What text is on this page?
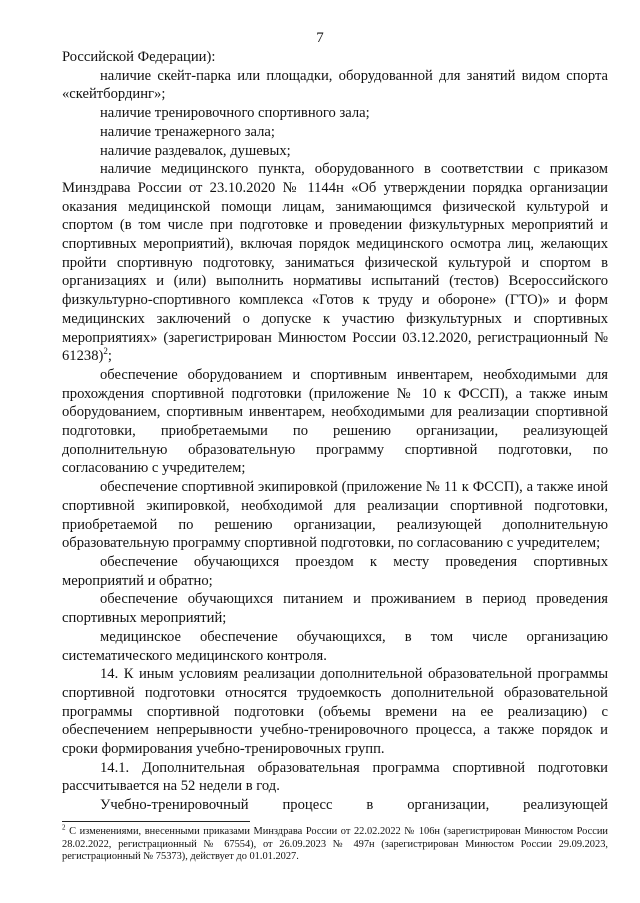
7

Российской Федерации):

наличие скейт-парка или площадки, оборудованной для занятий видом спорта «скейтбординг»;

наличие тренировочного спортивного зала;

наличие тренажерного зала;

наличие раздевалок, душевых;

наличие медицинского пункта, оборудованного в соответствии с приказом Минздрава России от 23.10.2020 № 1144н «Об утверждении порядка организации оказания медицинской помощи лицам, занимающимся физической культурой и спортом (в том числе при подготовке и проведении физкультурных мероприятий и спортивных мероприятий), включая порядок медицинского осмотра лиц, желающих пройти спортивную подготовку, заниматься физической культурой и спортом в организациях и (или) выполнить нормативы испытаний (тестов) Всероссийского физкультурно-спортивного комплекса «Готов к труду и обороне» (ГТО)» и форм медицинских заключений о допуске к участию физкультурных и спортивных мероприятиях» (зарегистрирован Минюстом России 03.12.2020, регистрационный № 61238)$^2$;

обеспечение оборудованием и спортивным инвентарем, необходимыми для прохождения спортивной подготовки (приложение № 10 к ФССП), а также иным оборудованием, спортивным инвентарем, необходимыми для реализации спортивной подготовки, приобретаемыми по решению организации, реализующей дополнительную образовательную программу спортивной подготовки, по согласованию с учредителем;

обеспечение спортивной экипировкой (приложение № 11 к ФССП), а также иной спортивной экипировкой, необходимой для реализации спортивной подготовки, приобретаемой по решению организации, реализующей дополнительную образовательную программу спортивной подготовки, по согласованию с учредителем;

обеспечение обучающихся проездом к месту проведения спортивных мероприятий и обратно;

обеспечение обучающихся питанием и проживанием в период проведения спортивных мероприятий;

медицинское обеспечение обучающихся, в том числе организацию систематического медицинского контроля.

14. К иным условиям реализации дополнительной образовательной программы спортивной подготовки относятся трудоемкость дополнительной образовательной программы спортивной подготовки (объемы времени на ее реализацию) с обеспечением непрерывности учебно-тренировочного процесса, а также порядок и сроки формирования учебно-тренировочных групп.

14.1. Дополнительная образовательная программа спортивной подготовки рассчитывается на 52 недели в год.

Учебно-тренировочный процесс в организации, реализующей

$^2$ С изменениями, внесенными приказами Минздрава России от 22.02.2022 № 106н (зарегистрирован Минюстом России 28.02.2022, регистрационный № 67554), от 26.09.2023 № 497н (зарегистрирован Минюстом России 29.09.2023, регистрационный № 75373), действует до 01.01.2027.
